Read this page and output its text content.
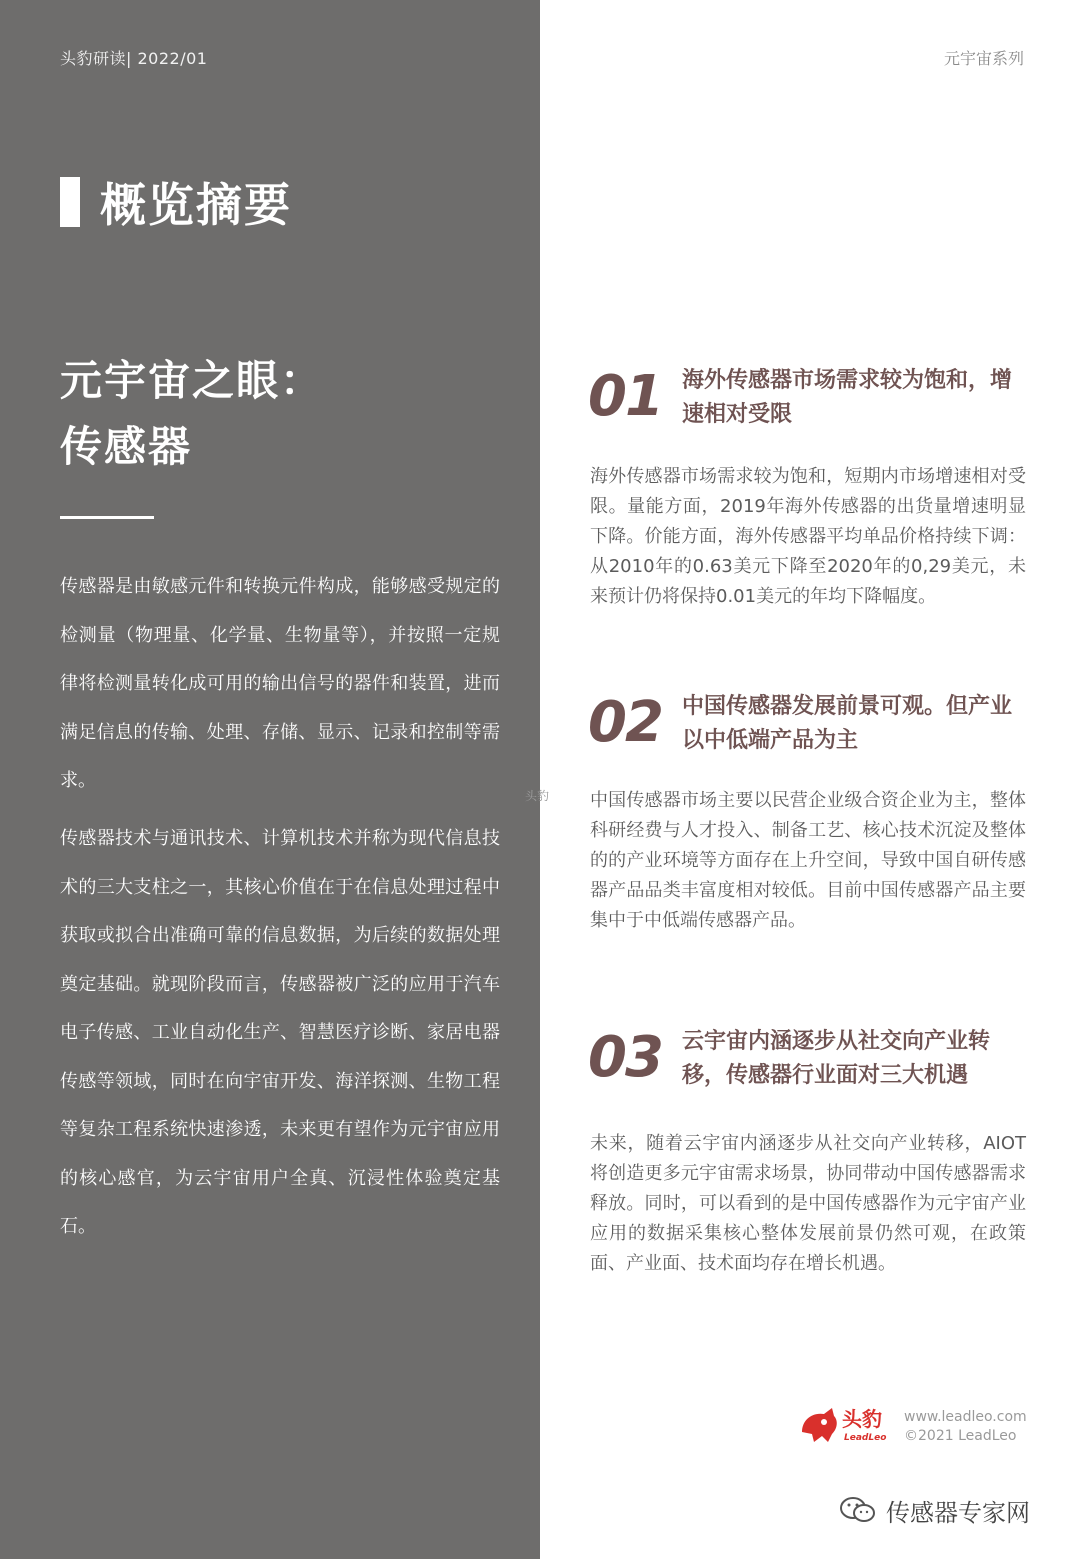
头豹研读| 2022/01
概览摘要
元宇宙之眼：
传感器

传感器是由敏感元件和转换元件构成，能够感受规定的检测量（物理量、化学量、生物量等），并按照一定规律将检测量转化成可用的输出信号的器件和装置，进而满足信息的传输、处理、存储、显示、记录和控制等需求。

传感器技术与通讯技术、计算机技术并称为现代信息技术的三大支柱之一，其核心价值在于在信息处理过程中获取或拟合出准确可靠的信息数据，为后续的数据处理奠定基础。就现阶段而言，传感器被广泛的应用于汽车电子传感、工业自动化生产、智慧医疗诊断、家居电器传感等领域，同时在向宇宙开发、海洋探测、生物工程等复杂工程系统快速渗透，未来更有望作为元宇宙应用的核心感官，为云宇宙用户全真、沉浸性体验奠定基石。

元宇宙系列
01 海外传感器市场需求较为饱和，增速相对受限

海外传感器市场需求较为饱和，短期内市场增速相对受限。量能方面，2019年海外传感器的出货量增速明显下降。价能方面，海外传感器平均单品价格持续下调：从2010年的0.63美元下降至2020年的0,29美元，未来预计仍将保持0.01美元的年均下降幅度。

02 中国传感器发展前景可观。但产业以中低端产品为主

中国传感器市场主要以民营企业级合资企业为主，整体科研经费与人才投入、制备工艺、核心技术沉淀及整体的的产业环境等方面存在上升空间，导致中国自研传感器产品品类丰富度相对较低。目前中国传感器产品主要集中于中低端传感器产品。

03 云宇宙内涵逐步从社交向产业转移，传感器行业面对三大机遇

未来，随着云宇宙内涵逐步从社交向产业转移，AIOT将创造更多元宇宙需求场景，协同带动中国传感器需求释放。同时，可以看到的是中国传感器作为元宇宙产业应用的数据采集核心整体发展前景仍然可观，在政策面、产业面、技术面均存在增长机遇。

头豹
头豹
LeadLeo
www.leadleo.com
©2021 LeadLeo
传感器专家网
